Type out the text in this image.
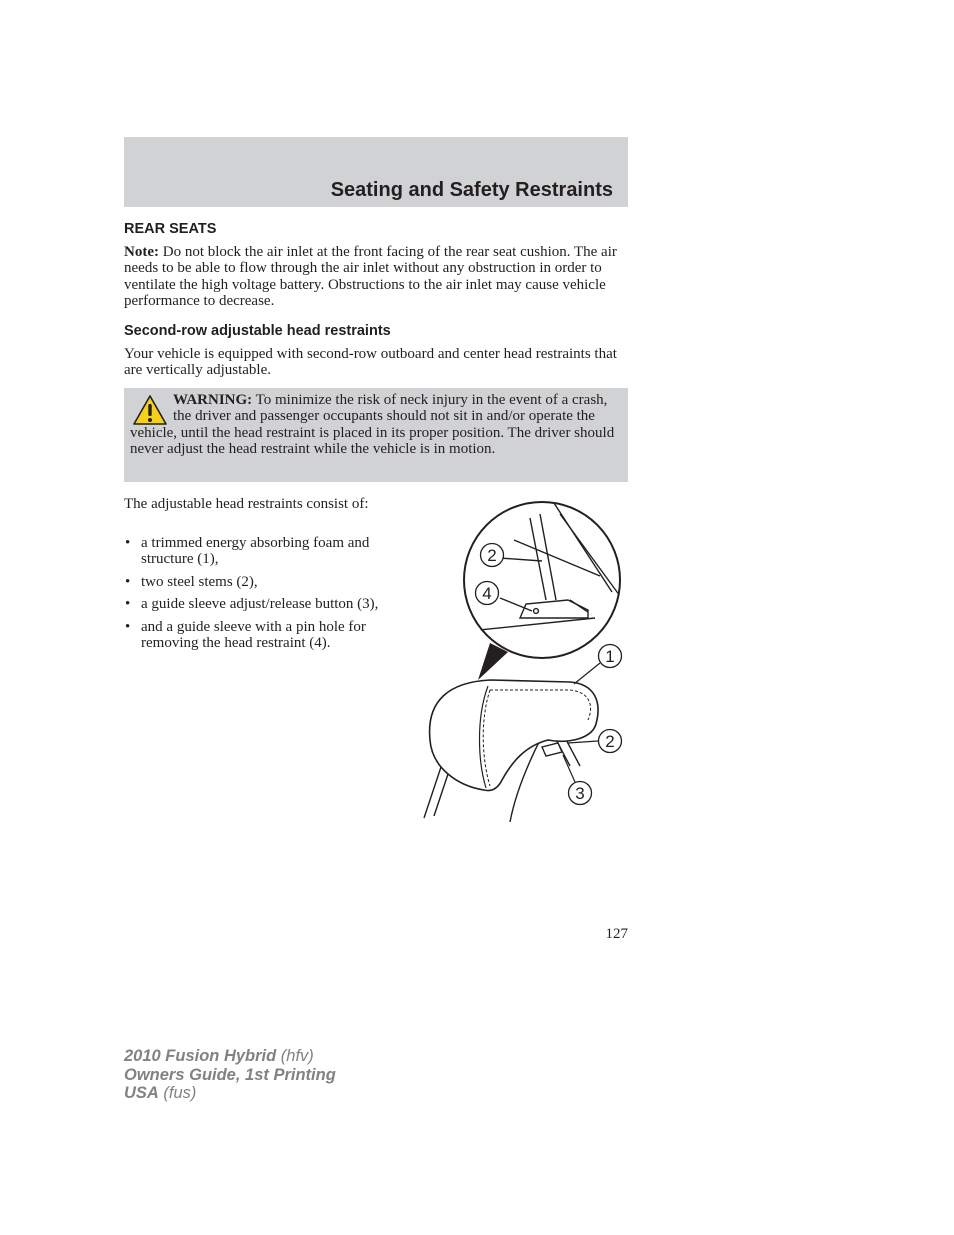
Seating and Safety Restraints
REAR SEATS

Note: Do not block the air inlet at the front facing of the rear seat cushion. The air needs to be able to flow through the air inlet without any obstruction in order to ventilate the high voltage battery. Obstructions to the air inlet may cause vehicle performance to decrease.

Second-row adjustable head restraints

Your vehicle is equipped with second-row outboard and center head restraints that are vertically adjustable.

WARNING: To minimize the risk of neck injury in the event of a crash, the driver and passenger occupants should not sit in and/or operate the vehicle, until the head restraint is placed in its proper position. The driver should never adjust the head restraint while the vehicle is in motion.

The adjustable head restraints consist of:

• a trimmed energy absorbing foam and structure (1),
• two steel stems (2),
• a guide sleeve adjust/release button (3),
• and a guide sleeve with a pin hole for removing the head restraint (4).
2
4
1
2
3

127

2010 Fusion Hybrid (hfv)
Owners Guide, 1st Printing
USA (fus)
